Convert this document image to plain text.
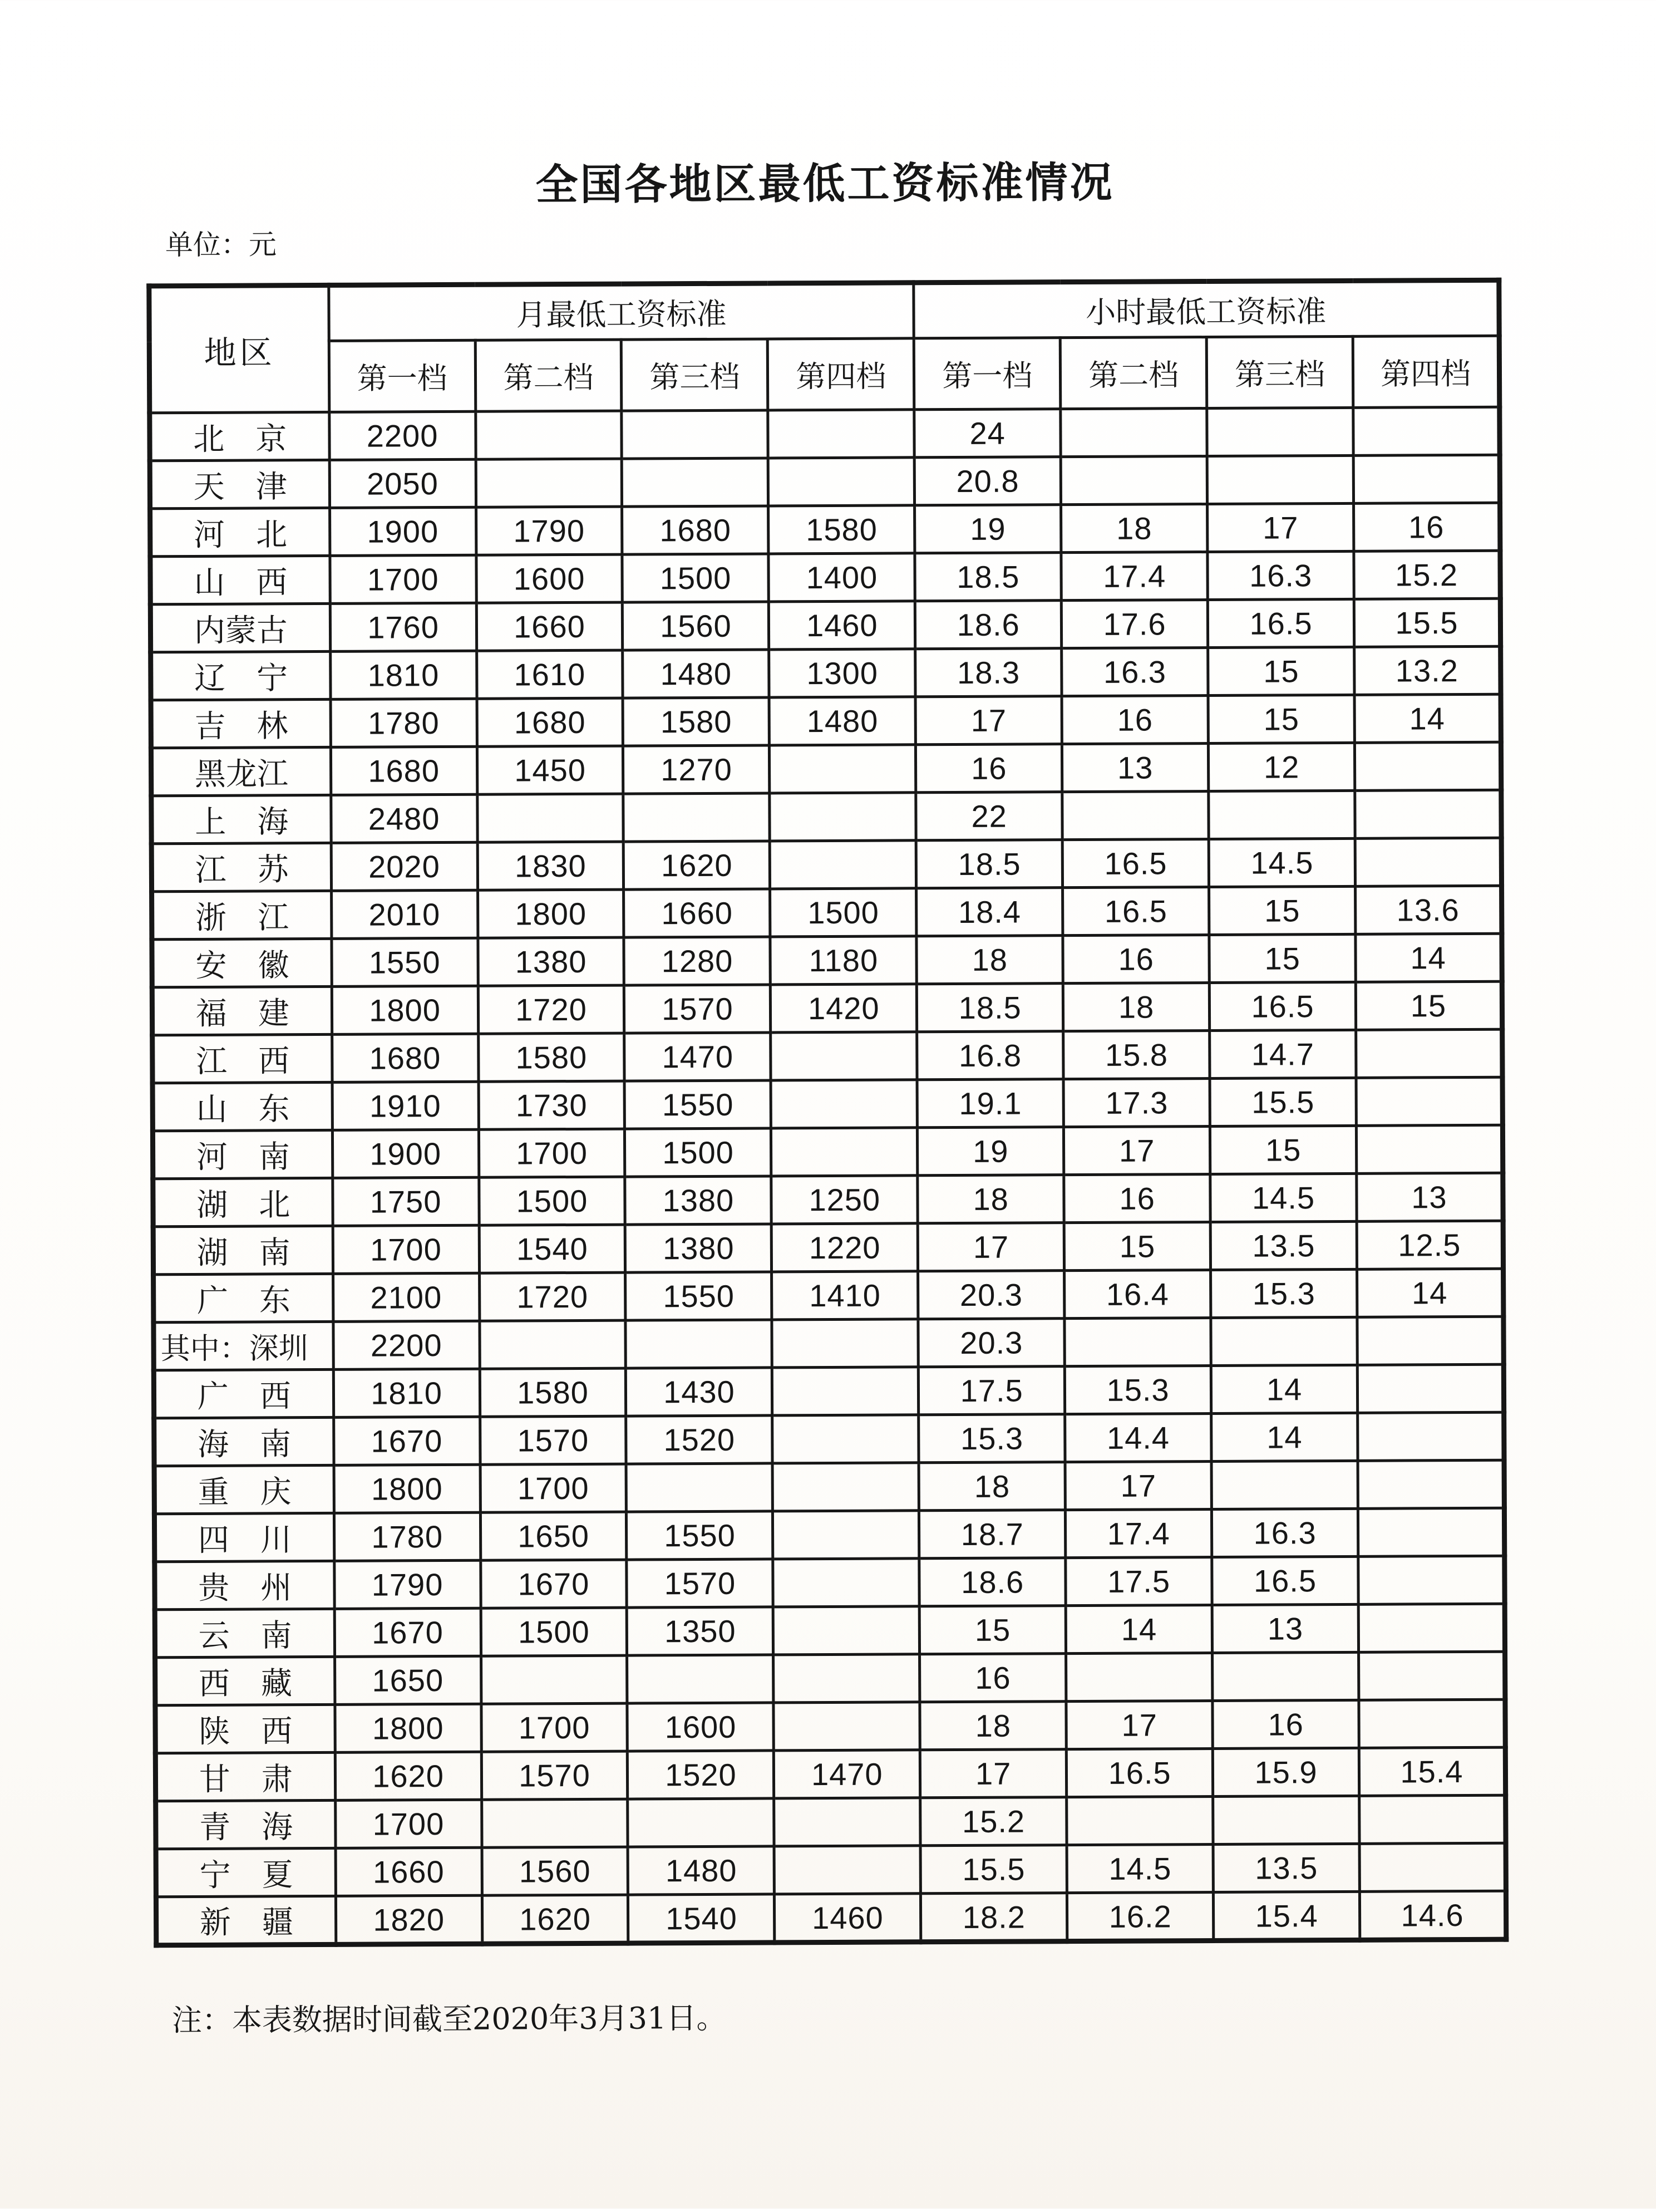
全国各地区最低工资标准情况
单位：元
地区	月最低工资标准				小时最低工资标准			
	第一档	第二档	第三档	第四档	第一档	第二档	第三档	第四档
北　京	2200				24			
天　津	2050				20.8			
河　北	1900	1790	1680	1580	19	18	17	16
山　西	1700	1600	1500	1400	18.5	17.4	16.3	15.2
内蒙古	1760	1660	1560	1460	18.6	17.6	16.5	15.5
辽　宁	1810	1610	1480	1300	18.3	16.3	15	13.2
吉　林	1780	1680	1580	1480	17	16	15	14
黑龙江	1680	1450	1270		16	13	12	
上　海	2480				22			
江　苏	2020	1830	1620		18.5	16.5	14.5	
浙　江	2010	1800	1660	1500	18.4	16.5	15	13.6
安　徽	1550	1380	1280	1180	18	16	15	14
福　建	1800	1720	1570	1420	18.5	18	16.5	15
江　西	1680	1580	1470		16.8	15.8	14.7	
山　东	1910	1730	1550		19.1	17.3	15.5	
河　南	1900	1700	1500		19	17	15	
湖　北	1750	1500	1380	1250	18	16	14.5	13
湖　南	1700	1540	1380	1220	17	15	13.5	12.5
广　东	2100	1720	1550	1410	20.3	16.4	15.3	14
其中：深圳	2200				20.3			
广　西	1810	1580	1430		17.5	15.3	14	
海　南	1670	1570	1520		15.3	14.4	14	
重　庆	1800	1700			18	17		
四　川	1780	1650	1550		18.7	17.4	16.3	
贵　州	1790	1670	1570		18.6	17.5	16.5	
云　南	1670	1500	1350		15	14	13	
西　藏	1650				16			
陕　西	1800	1700	1600		18	17	16	
甘　肃	1620	1570	1520	1470	17	16.5	15.9	15.4
青　海	1700				15.2			
宁　夏	1660	1560	1480		15.5	14.5	13.5	
新　疆	1820	1620	1540	1460	18.2	16.2	15.4	14.6
注：本表数据时间截至2020年3月31日。
